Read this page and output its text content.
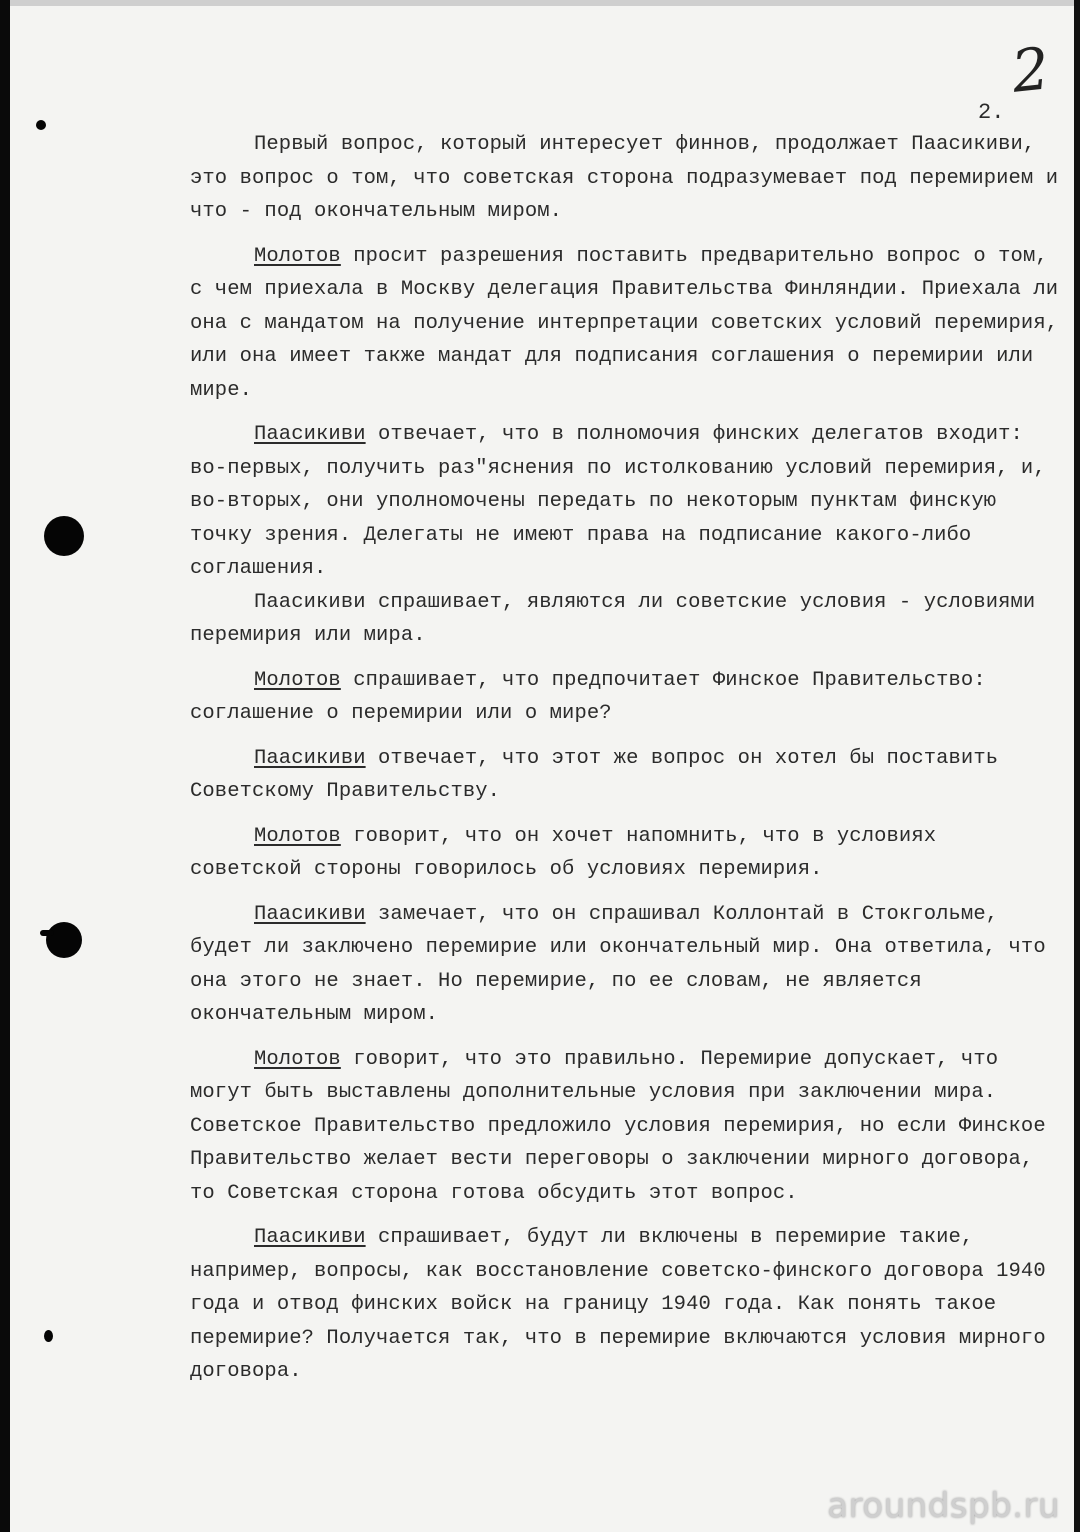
2
2.

Первый вопрос, который интересует финнов, продолжает Паасикиви, это вопрос о том, что советская сторона подразумевает под перемирием и что - под окончательным миром.

Молотов просит разрешения поставить предварительно вопрос о том, с чем приехала в Москву делегация Правительства Финляндии. Приехала ли она с мандатом на получение интерпретации советских условий перемирия, или она имеет также мандат для подписания соглашения о перемирии или мире.

Паасикиви отвечает, что в полномочия финских делегатов входит: во-первых, получить раз"яснения по истолкованию условий перемирия, и, во-вторых, они уполномочены передать по некоторым пунктам финскую точку зрения. Делегаты не имеют права на подписание какого-либо соглашения.

Паасикиви спрашивает, являются ли советские условия - условиями перемирия или мира.

Молотов спрашивает, что предпочитает Финское Правительство: соглашение о перемирии или о мире?

Паасикиви отвечает, что этот же вопрос он хотел бы поставить Советскому Правительству.

Молотов говорит, что он хочет напомнить, что в условиях советской стороны говорилось об условиях перемирия.

Паасикиви замечает, что он спрашивал Коллонтай в Стокгольме, будет ли заключено перемирие или окончательный мир. Она ответила, что она этого не знает. Но перемирие, по ее словам, не является окончательным миром.

Молотов говорит, что это правильно. Перемирие допускает, что могут быть выставлены дополнительные условия при заключении мира. Советское Правительство предложило условия перемирия, но если Финское Правительство желает вести переговоры о заключении мирного договора, то Советская сторона готова обсудить этот вопрос.

Паасикиви спрашивает, будут ли включены в перемирие такие, например, вопросы, как восстановление советско-финского договора 1940 года и отвод финских войск на границу 1940 года. Как понять такое перемирие? Получается так, что в перемирие включаются условия мирного договора.

aroundspb.ru
